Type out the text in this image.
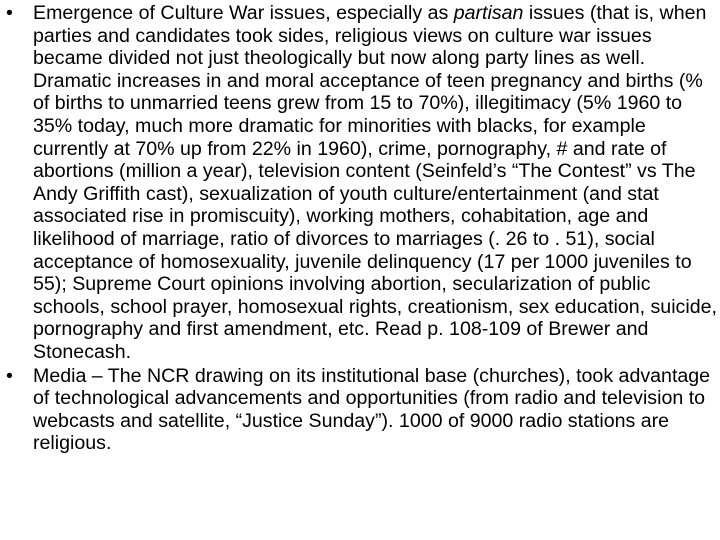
•	Emergence of Culture War issues, especially as partisan issues (that is, when parties and candidates took sides, religious views on culture war issues became divided not just theologically but now along party lines as well. Dramatic increases in and moral acceptance of teen pregnancy and births (% of births to unmarried teens grew from 15 to 70%), illegitimacy (5% 1960 to 35% today, much more dramatic for minorities with blacks, for example currently at 70% up from 22% in 1960), crime, pornography, # and rate of abortions (million a year), television content (Seinfeld’s “The Contest” vs The Andy Griffith cast), sexualization of youth culture/entertainment (and stat associated rise in promiscuity), working mothers, cohabitation, age and likelihood of marriage, ratio of divorces to marriages (. 26 to . 51), social acceptance of homosexuality, juvenile delinquency (17 per 1000 juveniles to 55); Supreme Court opinions involving abortion, secularization of public schools, school prayer, homosexual rights, creationism, sex education, suicide, pornography and first amendment, etc. Read p. 108-109 of Brewer and Stonecash.
•	Media – The NCR drawing on its institutional base (churches), took advantage of technological advancements and opportunities (from radio and television to webcasts and satellite, “Justice Sunday”). 1000 of 9000 radio stations are religious.
